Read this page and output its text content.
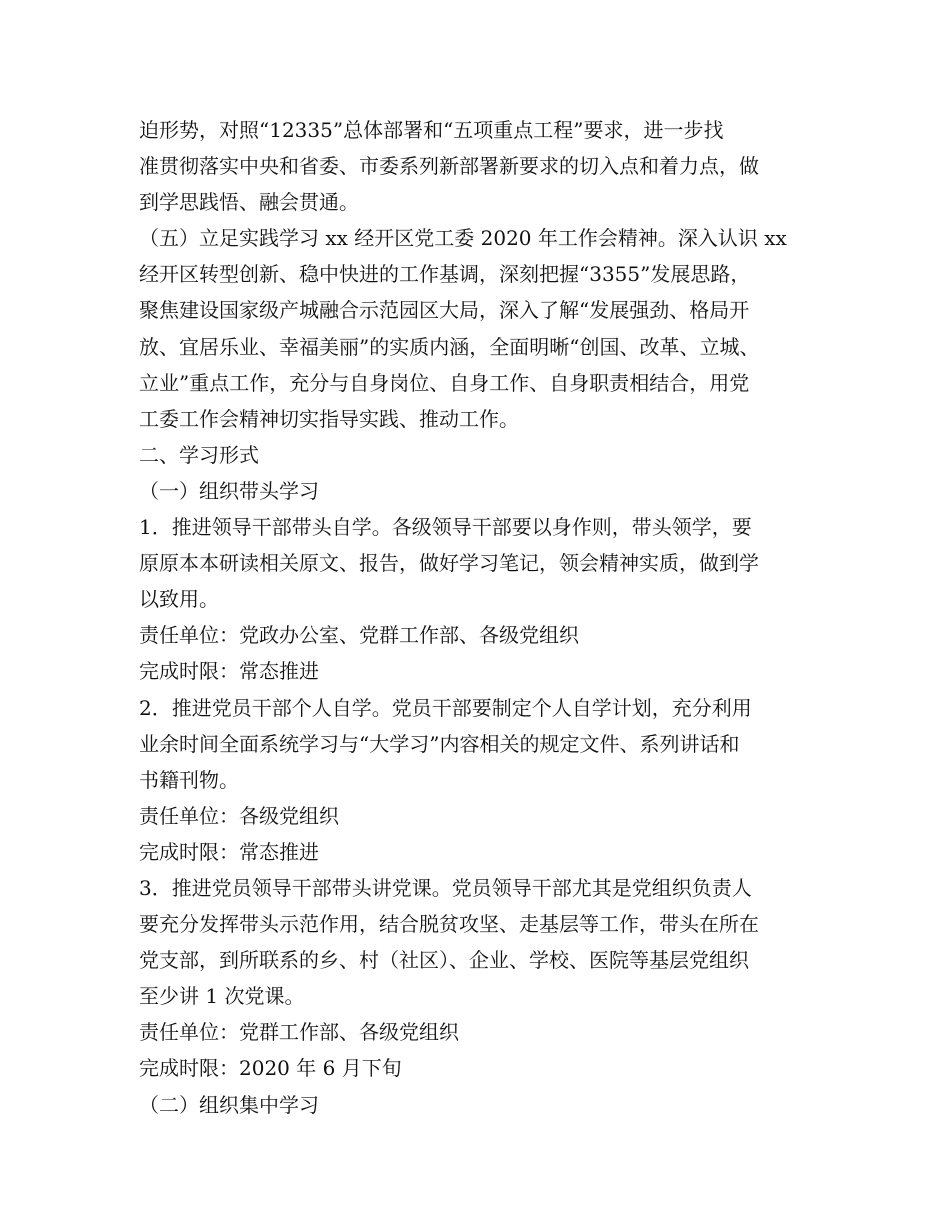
迫形势，对照“12335”总体部署和“五项重点工程”要求，进一步找
准贯彻落实中央和省委、市委系列新部署新要求的切入点和着力点，做
到学思践悟、融会贯通。
（五）立足实践学习 xx 经开区党工委 2020 年工作会精神。深入认识 xx
经开区转型创新、稳中快进的工作基调，深刻把握“3355”发展思路，
聚焦建设国家级产城融合示范园区大局，深入了解“发展强劲、格局开
放、宜居乐业、幸福美丽”的实质内涵，全面明晰“创国、改革、立城、
立业”重点工作，充分与自身岗位、自身工作、自身职责相结合，用党
工委工作会精神切实指导实践、推动工作。
二、学习形式
（一）组织带头学习
1．推进领导干部带头自学。各级领导干部要以身作则，带头领学，要
原原本本研读相关原文、报告，做好学习笔记，领会精神实质，做到学
以致用。
责任单位：党政办公室、党群工作部、各级党组织
完成时限：常态推进
2．推进党员干部个人自学。党员干部要制定个人自学计划，充分利用
业余时间全面系统学习与“大学习”内容相关的规定文件、系列讲话和
书籍刊物。
责任单位：各级党组织
完成时限：常态推进
3．推进党员领导干部带头讲党课。党员领导干部尤其是党组织负责人
要充分发挥带头示范作用，结合脱贫攻坚、走基层等工作，带头在所在
党支部，到所联系的乡、村（社区）、企业、学校、医院等基层党组织
至少讲 1 次党课。
责任单位：党群工作部、各级党组织
完成时限：2020 年 6 月下旬
（二）组织集中学习
